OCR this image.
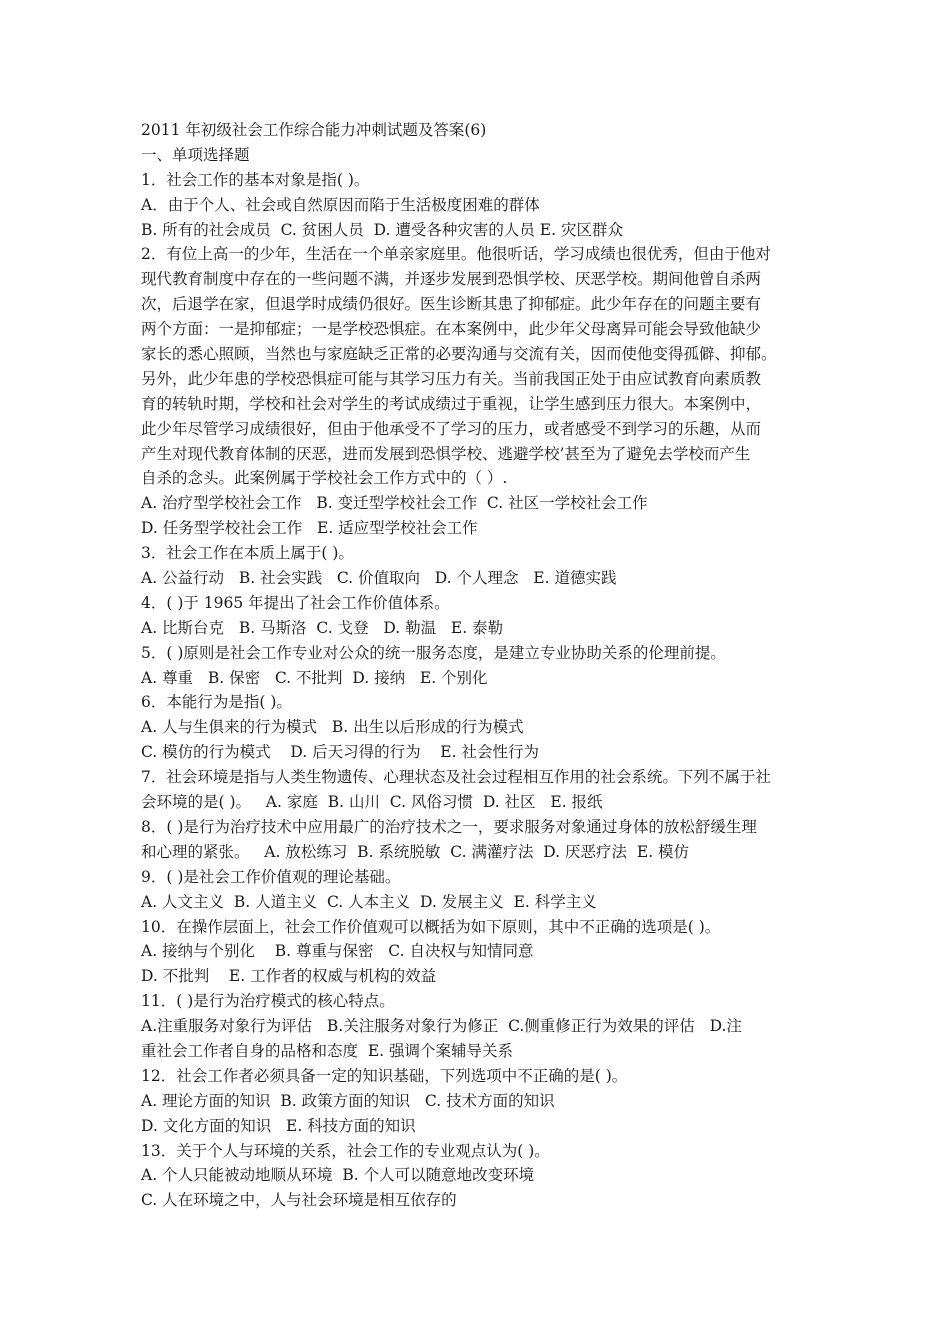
2011 年初级社会工作综合能力冲刺试题及答案(6)
一、单项选择题
1．社会工作的基本对象是指( )。
A．由于个人、社会或自然原因而陷于生活极度困难的群体
B. 所有的社会成员  C. 贫困人员  D. 遭受各种灾害的人员 E. 灾区群众
2．有位上高一的少年，生活在一个单亲家庭里。他很听话，学习成绩也很优秀，但由于他对
现代教育制度中存在的一些问题不满，并逐步发展到恐惧学校、厌恶学校。期间他曾自杀两
次，后退学在家，但退学时成绩仍很好。医生诊断其患了抑郁症。此少年存在的问题主要有
两个方面：一是抑郁症；一是学校恐惧症。在本案例中，此少年父母离异可能会导致他缺少
家长的悉心照顾，当然也与家庭缺乏正常的必要沟通与交流有关，因而使他变得孤僻、抑郁。
另外，此少年患的学校恐惧症可能与其学习压力有关。当前我国正处于由应试教育向素质教
育的转轨时期，学校和社会对学生的考试成绩过于重视，让学生感到压力很大。本案例中，
此少年尽管学习成绩很好，但由于他承受不了学习的压力，或者感受不到学习的乐趣，从而
产生对现代教育体制的厌恶，进而发展到恐惧学校、逃避学校’甚至为了避免去学校而产生
自杀的念头。此案例属于学校社会工作方式中的（ ）.
A. 治疗型学校社会工作   B. 变迁型学校社会工作  C. 社区一学校社会工作
D. 任务型学校社会工作   E. 适应型学校社会工作
3．社会工作在本质上属于( )。
A. 公益行动   B. 社会实践   C. 价值取向   D. 个人理念   E. 道德实践
4．( )于 1965 年提出了社会工作价值体系。
A. 比斯台克   B. 马斯洛  C. 戈登   D. 勒温   E. 泰勒
5．( )原则是社会工作专业对公众的统一服务态度，是建立专业协助关系的伦理前提。
A. 尊重   B. 保密   C. 不批判  D. 接纳   E. 个别化
6．本能行为是指( )。
A. 人与生俱来的行为模式   B. 出生以后形成的行为模式
C. 模仿的行为模式    D. 后天习得的行为    E. 社会性行为
7．社会环境是指与人类生物遗传、心理状态及社会过程相互作用的社会系统。下列不属于社
会环境的是( )。   A. 家庭  B. 山川  C. 风俗习惯  D. 社区   E. 报纸
8．( )是行为治疗技术中应用最广的治疗技术之一，要求服务对象通过身体的放松舒缓生理
和心理的紧张。   A. 放松练习  B. 系统脱敏  C. 满灌疗法  D. 厌恶疗法  E. 模仿
9．( )是社会工作价值观的理论基础。
A. 人文主义  B. 人道主义  C. 人本主义  D. 发展主义  E. 科学主义
10．在操作层面上，社会工作价值观可以概括为如下原则，其中不正确的选项是( )。
A. 接纳与个别化    B. 尊重与保密   C. 自决权与知情同意
D. 不批判    E. 工作者的权威与机构的效益
11．( )是行为治疗模式的核心特点。
A.注重服务对象行为评估   B.关注服务对象行为修正  C.侧重修正行为效果的评估   D.注
重社会工作者自身的品格和态度  E. 强调个案辅导关系
12．社会工作者必须具备一定的知识基础，下列选项中不正确的是( )。
A. 理论方面的知识  B. 政策方面的知识   C. 技术方面的知识
D. 文化方面的知识   E. 科技方面的知识
13．关于个人与环境的关系，社会工作的专业观点认为( )。
A. 个人只能被动地顺从环境  B. 个人可以随意地改变环境
C. 人在环境之中，人与社会环境是相互依存的
